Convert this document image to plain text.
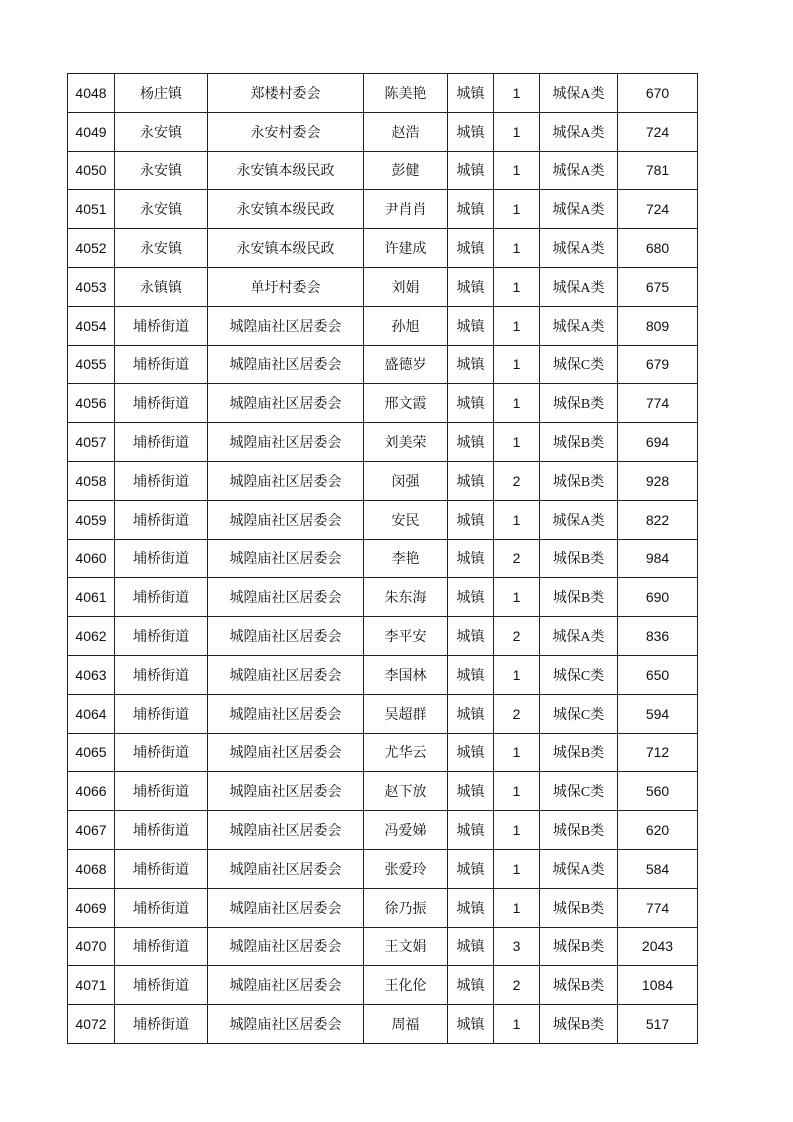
4048	杨庄镇	郑楼村委会	陈美艳	城镇	1	城保A类	670
4049	永安镇	永安村委会	赵浩	城镇	1	城保A类	724
4050	永安镇	永安镇本级民政	彭健	城镇	1	城保A类	781
4051	永安镇	永安镇本级民政	尹肖肖	城镇	1	城保A类	724
4052	永安镇	永安镇本级民政	许建成	城镇	1	城保A类	680
4053	永镇镇	单圩村委会	刘娟	城镇	1	城保A类	675
4054	埔桥街道	城隍庙社区居委会	孙旭	城镇	1	城保A类	809
4055	埔桥街道	城隍庙社区居委会	盛德岁	城镇	1	城保C类	679
4056	埔桥街道	城隍庙社区居委会	邢文霞	城镇	1	城保B类	774
4057	埔桥街道	城隍庙社区居委会	刘美荣	城镇	1	城保B类	694
4058	埔桥街道	城隍庙社区居委会	闵强	城镇	2	城保B类	928
4059	埔桥街道	城隍庙社区居委会	安民	城镇	1	城保A类	822
4060	埔桥街道	城隍庙社区居委会	李艳	城镇	2	城保B类	984
4061	埔桥街道	城隍庙社区居委会	朱东海	城镇	1	城保B类	690
4062	埔桥街道	城隍庙社区居委会	李平安	城镇	2	城保A类	836
4063	埔桥街道	城隍庙社区居委会	李国林	城镇	1	城保C类	650
4064	埔桥街道	城隍庙社区居委会	吴超群	城镇	2	城保C类	594
4065	埔桥街道	城隍庙社区居委会	尤华云	城镇	1	城保B类	712
4066	埔桥街道	城隍庙社区居委会	赵下放	城镇	1	城保C类	560
4067	埔桥街道	城隍庙社区居委会	冯爱娣	城镇	1	城保B类	620
4068	埔桥街道	城隍庙社区居委会	张爱玲	城镇	1	城保A类	584
4069	埔桥街道	城隍庙社区居委会	徐乃振	城镇	1	城保B类	774
4070	埔桥街道	城隍庙社区居委会	王文娟	城镇	3	城保B类	2043
4071	埔桥街道	城隍庙社区居委会	王化伦	城镇	2	城保B类	1084
4072	埔桥街道	城隍庙社区居委会	周福	城镇	1	城保B类	517
